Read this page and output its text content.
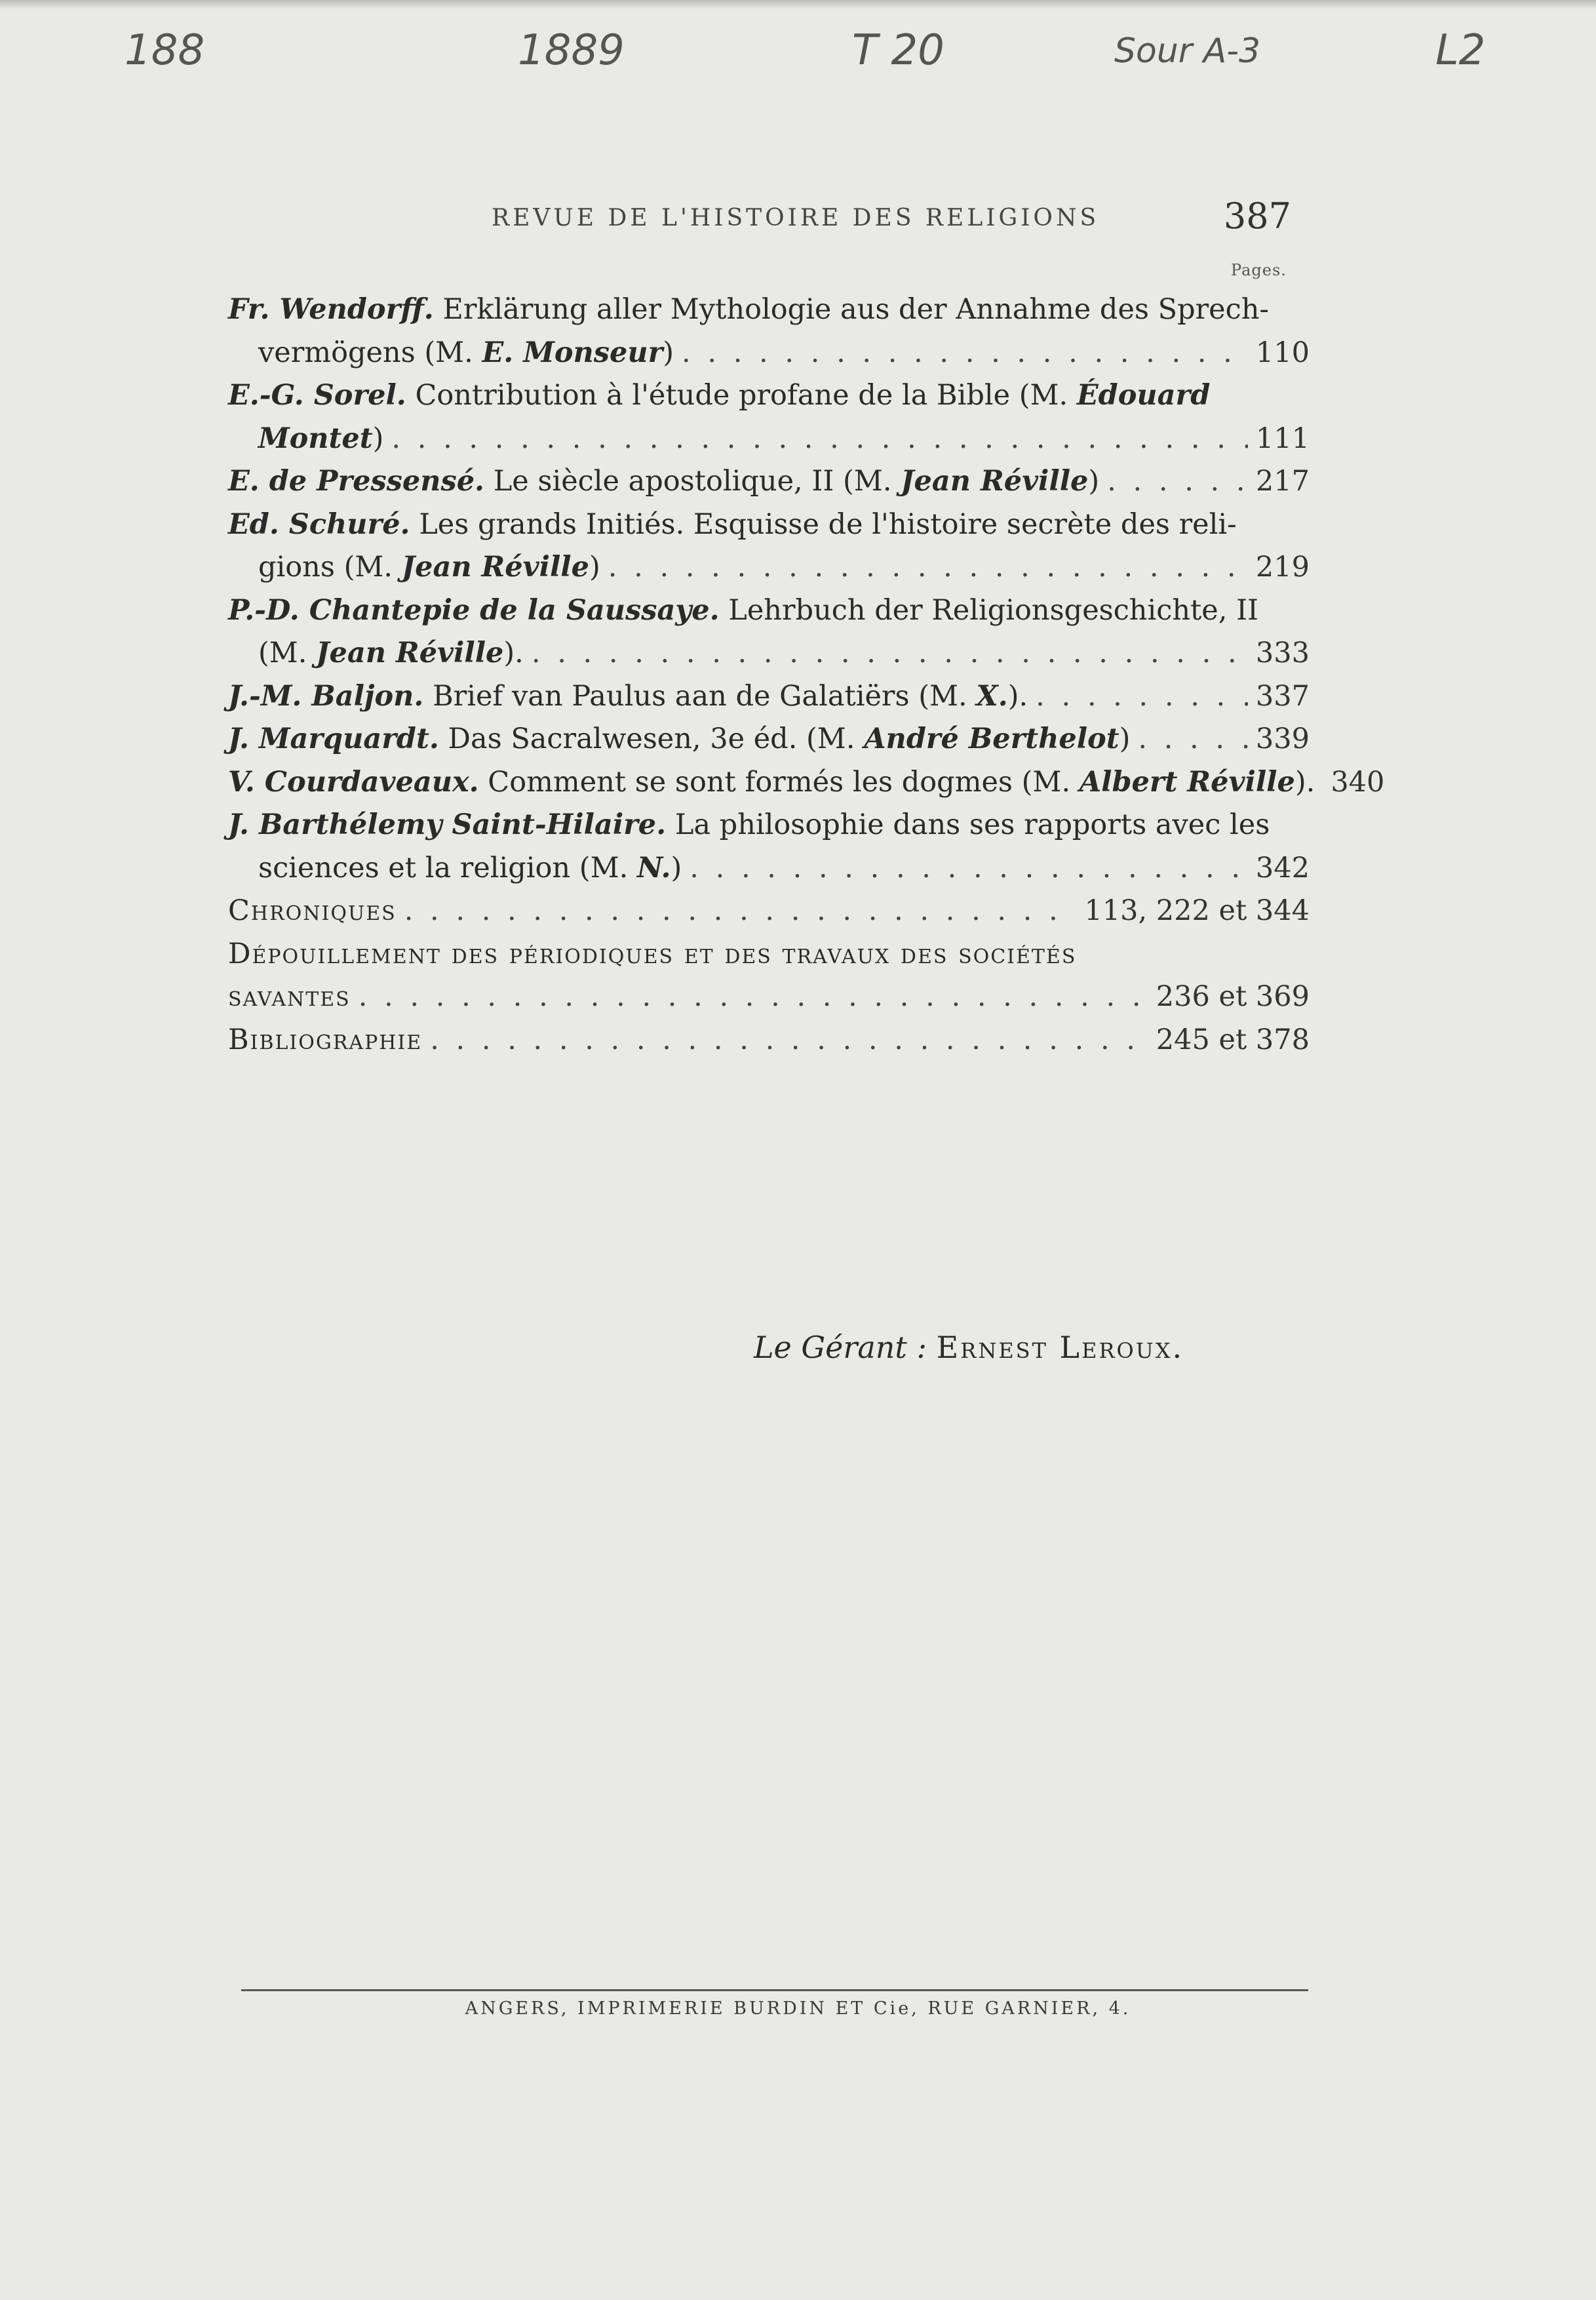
188	1889	T 20	Sour A-3	L2
REVUE DE L'HISTOIRE DES RELIGIONS	387
Pages.
Fr. Wendorff. Erklärung aller Mythologie aus der Annahme des Sprech-
vermögens (M. E. Monseur) . . .	110
E.-G. Sorel. Contribution à l'étude profane de la Bible (M. Édouard
Montet) . . .	111
E. de Pressensé. Le siècle apostolique, II (M. Jean Réville) . . .	217
Ed. Schuré. Les grands Initiés. Esquisse de l'histoire secrète des reli-
gions (M. Jean Réville) . . .	219
P.-D. Chantepie de la Saussaye. Lehrbuch der Religionsgeschichte, II
(M. Jean Réville). . . .	333
J.-M. Baljon. Brief van Paulus aan de Galatiërs (M. X.). . . .	337
J. Marquardt. Das Sacralwesen, 3e éd. (M. André Berthelot) . . .	339
V. Courdaveaux. Comment se sont formés les dogmes (M. Albert Réville). 340
J. Barthélemy Saint-Hilaire. La philosophie dans ses rapports avec les
sciences et la religion (M. N.) . . .	342
Chroniques . . .	113, 222 et 344
Dépouillement des périodiques et des travaux des sociétés
savantes . . .	236 et 369
Bibliographie . . .	245 et 378
Le Gérant : Ernest Leroux.
ANGERS, IMPRIMERIE BURDIN ET Cie, RUE GARNIER, 4.
